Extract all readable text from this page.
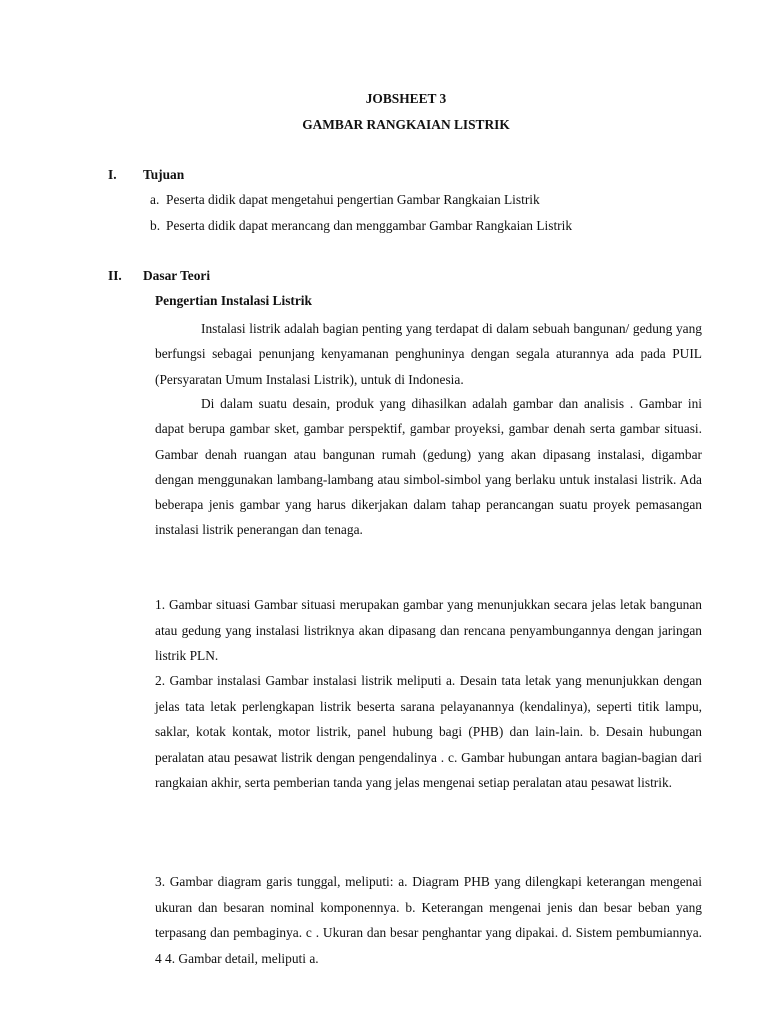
JOBSHEET 3
GAMBAR RANGKAIAN LISTRIK
I. Tujuan
a. Peserta didik dapat mengetahui pengertian Gambar Rangkaian Listrik
b. Peserta didik dapat merancang dan menggambar Gambar Rangkaian Listrik
II. Dasar Teori
Pengertian Instalasi Listrik
Instalasi listrik adalah bagian penting yang terdapat di dalam sebuah bangunan/ gedung yang berfungsi sebagai penunjang kenyamanan penghuninya dengan segala aturannya ada pada PUIL (Persyaratan Umum Instalasi Listrik), untuk di Indonesia.
Di dalam suatu desain, produk yang dihasilkan adalah gambar dan analisis . Gambar ini dapat berupa gambar sket, gambar perspektif, gambar proyeksi, gambar denah serta gambar situasi. Gambar denah ruangan atau bangunan rumah (gedung) yang akan dipasang instalasi, digambar dengan menggunakan lambang-lambang atau simbol-simbol yang berlaku untuk instalasi listrik. Ada beberapa jenis gambar yang harus dikerjakan dalam tahap perancangan suatu proyek pemasangan instalasi listrik penerangan dan tenaga.
1. Gambar situasi Gambar situasi merupakan gambar yang menunjukkan secara jelas letak bangunan atau gedung yang instalasi listriknya akan dipasang dan rencana penyambungannya dengan jaringan listrik PLN.
2. Gambar instalasi Gambar instalasi listrik meliputi a. Desain tata letak yang menunjukkan dengan jelas tata letak perlengkapan listrik beserta sarana pelayanannya (kendalinya), seperti titik lampu, saklar, kotak kontak, motor listrik, panel hubung bagi (PHB) dan lain-lain. b. Desain hubungan peralatan atau pesawat listrik dengan pengendalinya . c. Gambar hubungan antara bagian-bagian dari rangkaian akhir, serta pemberian tanda yang jelas mengenai setiap peralatan atau pesawat listrik.
3. Gambar diagram garis tunggal, meliputi: a. Diagram PHB yang dilengkapi keterangan mengenai ukuran dan besaran nominal komponennya. b. Keterangan mengenai jenis dan besar beban yang terpasang dan pembaginya. c . Ukuran dan besar penghantar yang dipakai. d. Sistem pembumiannya. 4 4. Gambar detail, meliputi a.
